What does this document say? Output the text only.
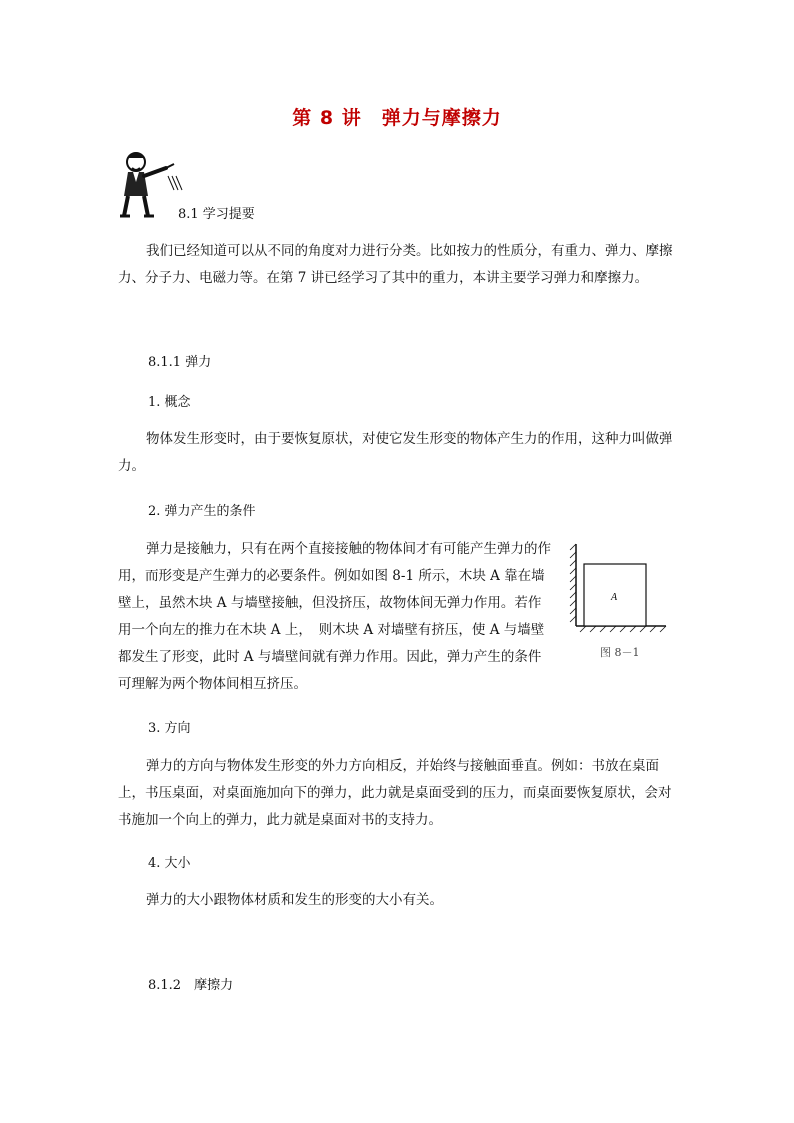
第 8 讲　弹力与摩擦力
8.1 学习提要
我们已经知道可以从不同的角度对力进行分类。比如按力的性质分，有重力、弹力、摩擦力、分子力、电磁力等。在第 7 讲已经学习了其中的重力，本讲主要学习弹力和摩擦力。
8.1.1 弹力
1. 概念
物体发生形变时，由于要恢复原状，对使它发生形变的物体产生力的作用，这种力叫做弹力。
2. 弹力产生的条件
弹力是接触力，只有在两个直接接触的物体间才有可能产生弹力的作用，而形变是产生弹力的必要条件。例如如图 8-1 所示，木块 A 靠在墙壁上，虽然木块 A 与墙壁接触，但没挤压，故物体间无弹力作用。若作用一个向左的推力在木块 A 上，　则木块 A 对墙壁有挤压，使 A 与墙壁都发生了形变，此时 A 与墙壁间就有弹力作用。因此，弹力产生的条件可理解为两个物体间相互挤压。
A
图 8－1
3. 方向
弹力的方向与物体发生形变的外力方向相反，并始终与接触面垂直。例如：书放在桌面上，书压桌面，对桌面施加向下的弹力，此力就是桌面受到的压力，而桌面要恢复原状，会对书施加一个向上的弹力，此力就是桌面对书的支持力。
4. 大小
弹力的大小跟物体材质和发生的形变的大小有关。
8.1.2　摩擦力
